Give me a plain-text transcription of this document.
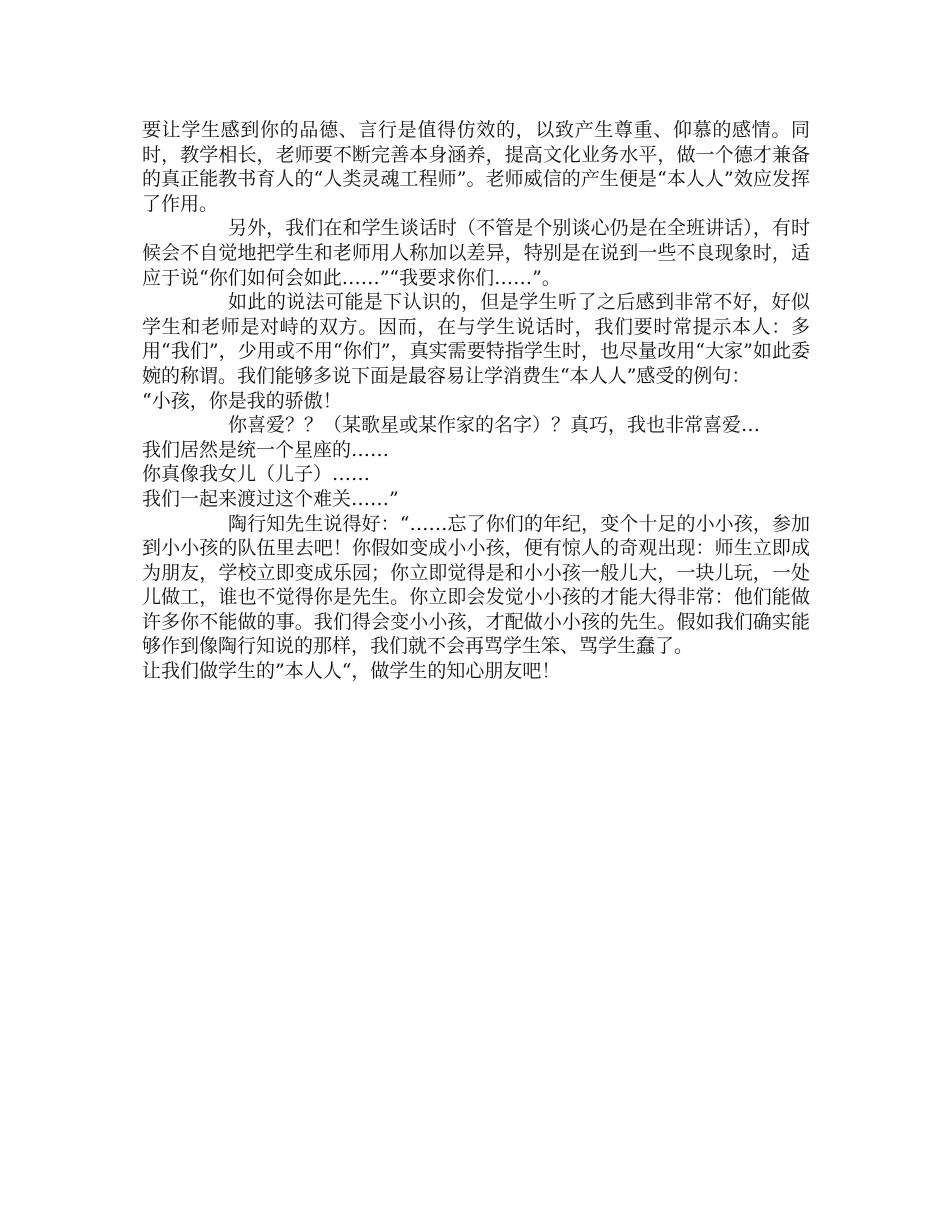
要让学生感到你的品德、言行是值得仿效的，以致产生尊重、仰慕的感情。同时，教学相长，老师要不断完善本身涵养，提高文化业务水平，做一个德才兼备的真正能教书育人的“人类灵魂工程师”。老师威信的产生便是“本人人”效应发挥了作用。

另外，我们在和学生谈话时（不管是个别谈心仍是在全班讲话），有时候会不自觉地把学生和老师用人称加以差异，特别是在说到一些不良现象时，适应于说“你们如何会如此……”“我要求你们……”。

如此的说法可能是下认识的，但是学生听了之后感到非常不好，好似学生和老师是对峙的双方。因而，在与学生说话时，我们要时常提示本人：多用“我们”，少用或不用“你们”，真实需要特指学生时，也尽量改用“大家”如此委婉的称谓。我们能够多说下面是最容易让学消费生“本人人”感受的例句：

“小孩，你是我的骄傲！

你喜爱？？（某歌星或某作家的名字）？真巧，我也非常喜爱…

我们居然是统一个星座的……

你真像我女儿（儿子）……

我们一起来渡过这个难关……”

陶行知先生说得好：“……忘了你们的年纪，变个十足的小小孩，参加到小小孩的队伍里去吧！你假如变成小小孩，便有惊人的奇观出现：师生立即成为朋友，学校立即变成乐园；你立即觉得是和小小孩一般儿大，一块儿玩，一处儿做工，谁也不觉得你是先生。你立即会发觉小小孩的才能大得非常：他们能做许多你不能做的事。我们得会变小小孩，才配做小小孩的先生。假如我们确实能够作到像陶行知说的那样，我们就不会再骂学生笨、骂学生蠢了。

让我们做学生的”本人人“，做学生的知心朋友吧！
